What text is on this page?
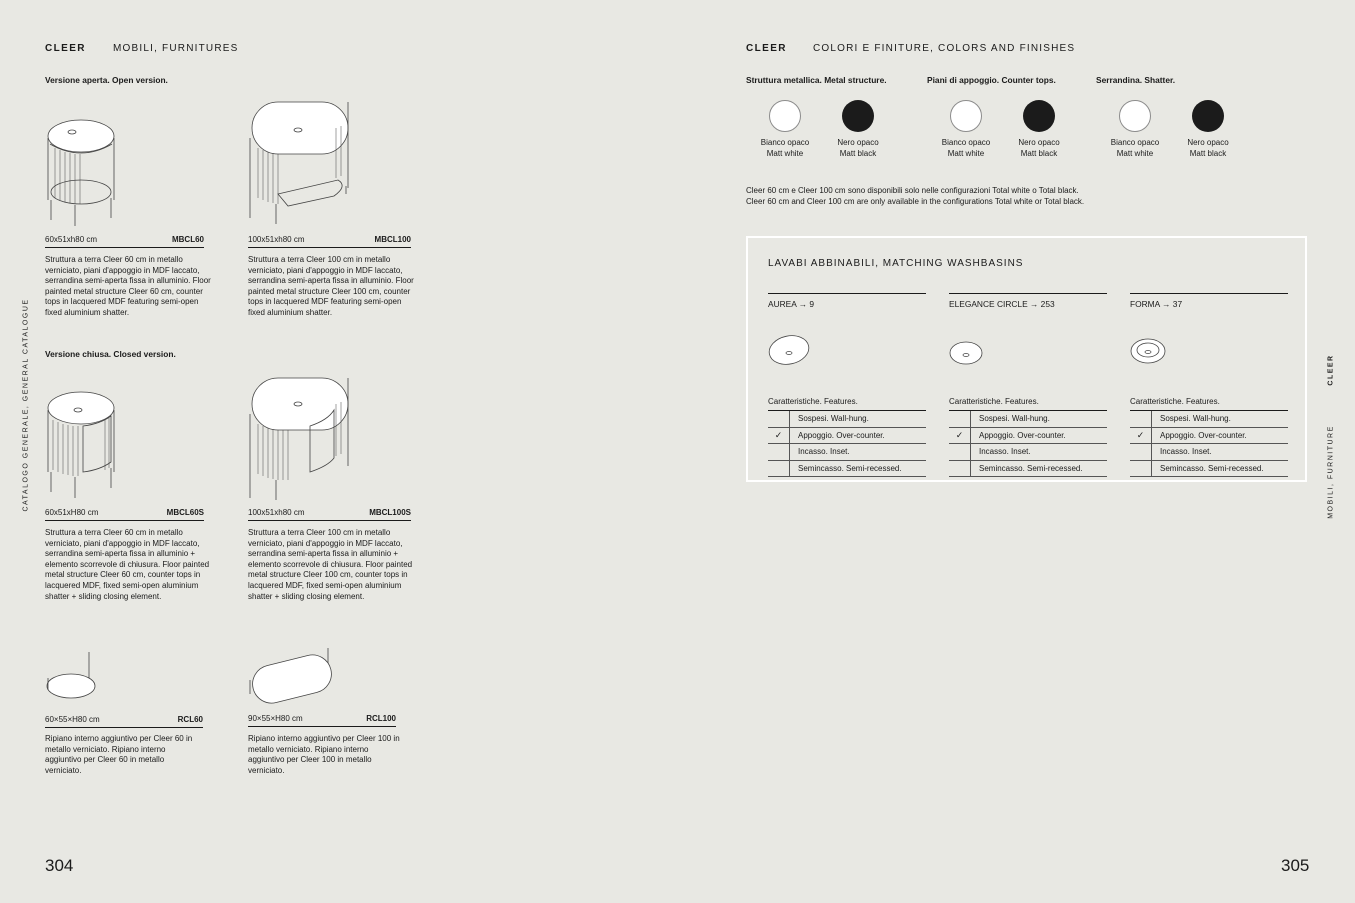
CLEER	MOBILI, FURNITURES
Versione aperta. Open version.
60x51xh80 cm	MBCL60
Struttura a terra Cleer 60 cm in metallo verniciato, piani d'appoggio in MDF laccato, serrandina semi-aperta fissa in alluminio. Floor painted metal structure Cleer 60 cm, counter tops in lacquered MDF featuring semi-open fixed aluminium shatter.
100x51xh80 cm	MBCL100
Struttura a terra Cleer 100 cm in metallo verniciato, piani d'appoggio in MDF laccato, serrandina semi-aperta fissa in alluminio. Floor painted metal structure Cleer 100 cm, counter tops in lacquered MDF featuring semi-open fixed aluminium shatter.
Versione chiusa. Closed version.
60x51xH80 cm	MBCL60S
Struttura a terra Cleer 60 cm in metallo verniciato, piani d'appoggio in MDF laccato, serrandina semi-aperta fissa in alluminio + elemento scorrevole di chiusura. Floor painted metal structure Cleer 60 cm, counter tops in lacquered MDF, fixed semi-open aluminium shatter + sliding closing element.
100x51xh80 cm	MBCL100S
Struttura a terra Cleer 100 cm in metallo verniciato, piani d'appoggio in MDF laccato, serrandina semi-aperta fissa in alluminio + elemento scorrevole di chiusura. Floor painted metal structure Cleer 100 cm, counter tops in lacquered MDF, fixed semi-open aluminium shatter + sliding closing element.
60×55×H80 cm	RCL60
Ripiano interno aggiuntivo per Cleer 60 in metallo verniciato. Ripiano interno aggiuntivo per Cleer 60 in metallo verniciato.
90×55×H80 cm	RCL100
Ripiano interno aggiuntivo per Cleer 100 in metallo verniciato. Ripiano interno aggiuntivo per Cleer 100 in metallo verniciato.
304
CATALOGO GENERALE, GENERAL CATALOGUE
CLEER	COLORI E FINITURE, COLORS AND FINISHES
Struttura metallica. Metal structure.	Piani di appoggio. Counter tops.	Serrandina. Shatter.
Bianco opaco
Matt white
Nero opaco
Matt black
Bianco opaco
Matt white
Nero opaco
Matt black
Bianco opaco
Matt white
Nero opaco
Matt black
Cleer 60 cm e Cleer 100 cm sono disponibili solo nelle configurazioni Total white o Total black.
Cleer 60 cm and Cleer 100 cm are only available in the configurations Total white or Total black.
LAVABI ABBINABILI, MATCHING WASHBASINS
AUREA → 9
Caratteristiche. Features.
Sospesi. Wall-hung.
✓	Appoggio. Over-counter.
Incasso. Inset.
Semincasso. Semi-recessed.
ELEGANCE CIRCLE → 253
Caratteristiche. Features.
Sospesi. Wall-hung.
✓	Appoggio. Over-counter.
Incasso. Inset.
Semincasso. Semi-recessed.
FORMA → 37
Caratteristiche. Features.
Sospesi. Wall-hung.
✓	Appoggio. Over-counter.
Incasso. Inset.
Semincasso. Semi-recessed.
305
CLEER
MOBILI, FURNITURE
